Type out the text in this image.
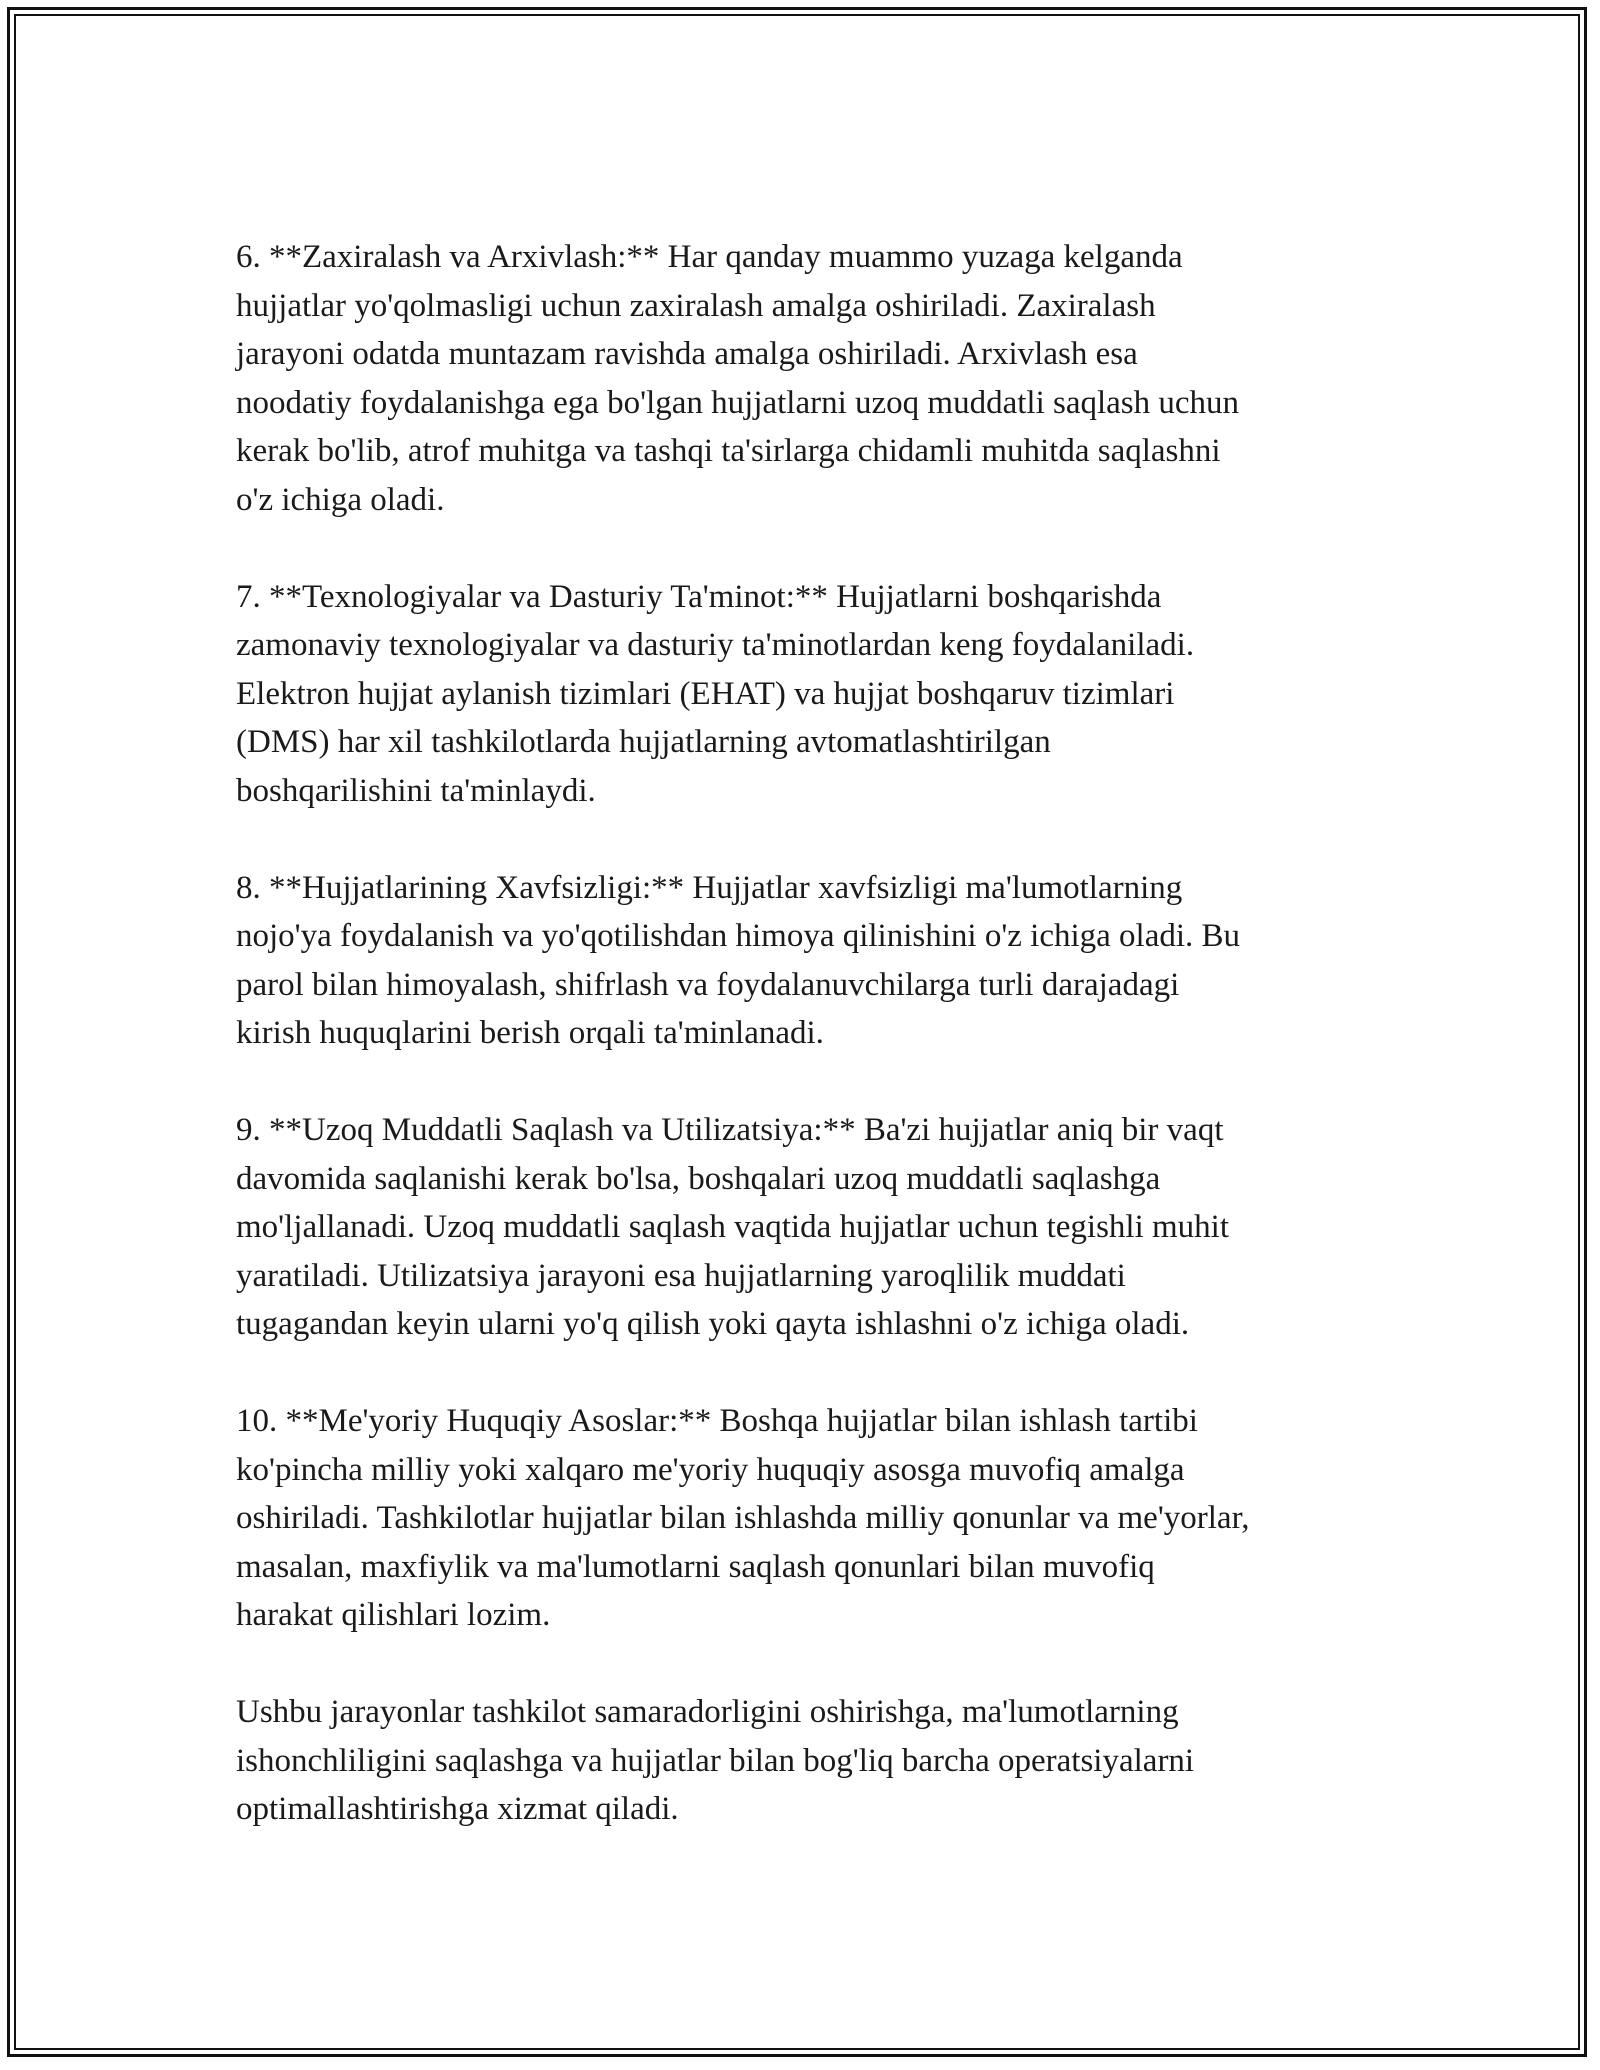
6. **Zaxiralash va Arxivlash:** Har qanday muammo yuzaga kelganda
hujjatlar yo'qolmasligi uchun zaxiralash amalga oshiriladi. Zaxiralash
jarayoni odatda muntazam ravishda amalga oshiriladi. Arxivlash esa
noodatiy foydalanishga ega bo'lgan hujjatlarni uzoq muddatli saqlash uchun
kerak bo'lib, atrof muhitga va tashqi ta'sirlarga chidamli muhitda saqlashni
o'z ichiga oladi.

7. **Texnologiyalar va Dasturiy Ta'minot:** Hujjatlarni boshqarishda
zamonaviy texnologiyalar va dasturiy ta'minotlardan keng foydalaniladi.
Elektron hujjat aylanish tizimlari (EHAT) va hujjat boshqaruv tizimlari
(DMS) har xil tashkilotlarda hujjatlarning avtomatlashtirilgan
boshqarilishini ta'minlaydi.

8. **Hujjatlarining Xavfsizligi:** Hujjatlar xavfsizligi ma'lumotlarning
nojo'ya foydalanish va yo'qotilishdan himoya qilinishini o'z ichiga oladi. Bu
parol bilan himoyalash, shifrlash va foydalanuvchilarga turli darajadagi
kirish huquqlarini berish orqali ta'minlanadi.

9. **Uzoq Muddatli Saqlash va Utilizatsiya:** Ba'zi hujjatlar aniq bir vaqt
davomida saqlanishi kerak bo'lsa, boshqalari uzoq muddatli saqlashga
mo'ljallanadi. Uzoq muddatli saqlash vaqtida hujjatlar uchun tegishli muhit
yaratiladi. Utilizatsiya jarayoni esa hujjatlarning yaroqlilik muddati
tugagandan keyin ularni yo'q qilish yoki qayta ishlashni o'z ichiga oladi.

10. **Me'yoriy Huquqiy Asoslar:** Boshqa hujjatlar bilan ishlash tartibi
ko'pincha milliy yoki xalqaro me'yoriy huquqiy asosga muvofiq amalga
oshiriladi. Tashkilotlar hujjatlar bilan ishlashda milliy qonunlar va me'yorlar,
masalan, maxfiylik va ma'lumotlarni saqlash qonunlari bilan muvofiq
harakat qilishlari lozim.

Ushbu jarayonlar tashkilot samaradorligini oshirishga, ma'lumotlarning
ishonchliligini saqlashga va hujjatlar bilan bog'liq barcha operatsiyalarni
optimallashtirishga xizmat qiladi.
